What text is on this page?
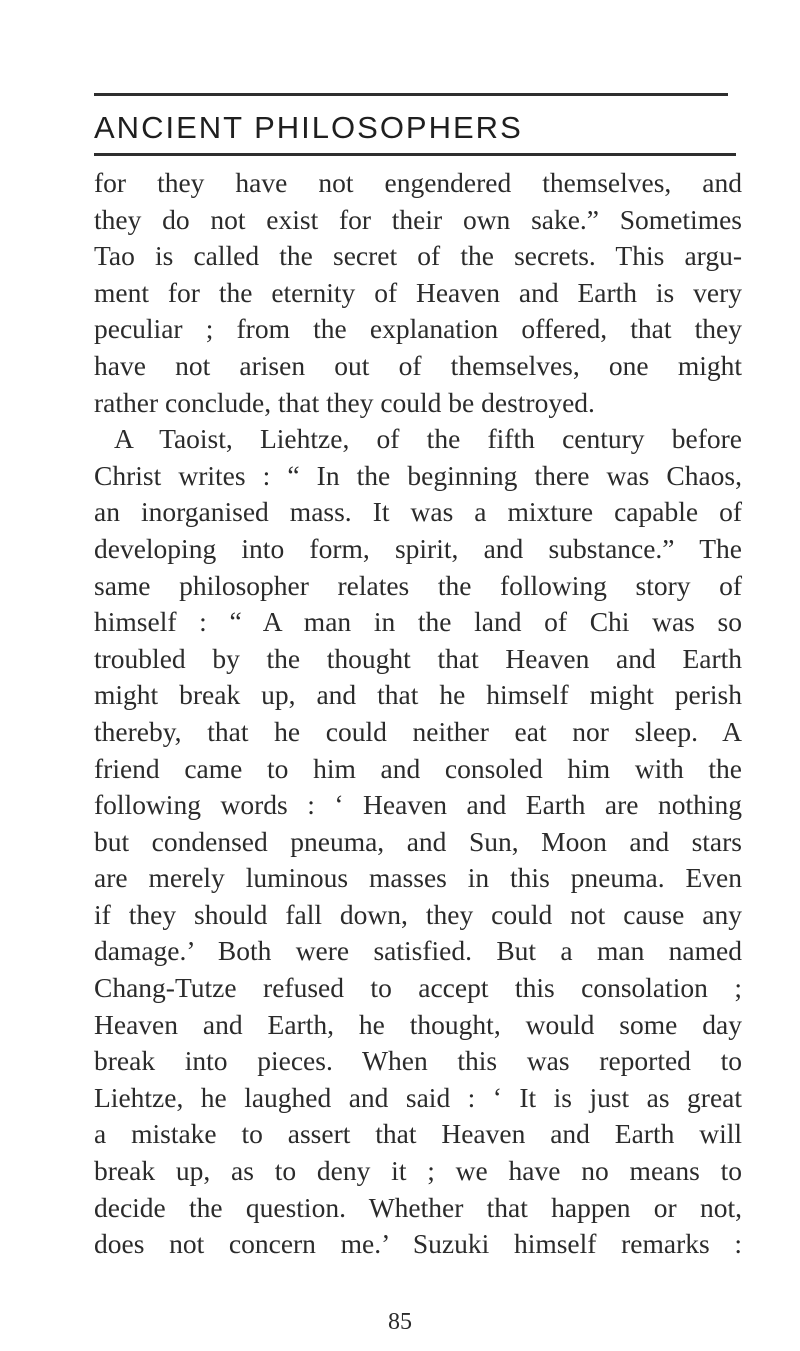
ANCIENT PHILOSOPHERS
for they have not engendered themselves, and
they do not exist for their own sake.” Sometimes
Tao is called the secret of the secrets. This argu-
ment for the eternity of Heaven and Earth is very
peculiar ; from the explanation offered, that they
have not arisen out of themselves, one might
rather conclude, that they could be destroyed.
A Taoist, Liehtze, of the fifth century before
Christ writes : “ In the beginning there was Chaos,
an inorganised mass. It was a mixture capable of
developing into form, spirit, and substance.” The
same philosopher relates the following story of
himself : “ A man in the land of Chi was so
troubled by the thought that Heaven and Earth
might break up, and that he himself might perish
thereby, that he could neither eat nor sleep. A
friend came to him and consoled him with the
following words : ‘ Heaven and Earth are nothing
but condensed pneuma, and Sun, Moon and stars
are merely luminous masses in this pneuma. Even
if they should fall down, they could not cause any
damage.’ Both were satisfied. But a man named
Chang-Tutze refused to accept this consolation ;
Heaven and Earth, he thought, would some day
break into pieces. When this was reported to
Liehtze, he laughed and said : ‘ It is just as great
a mistake to assert that Heaven and Earth will
break up, as to deny it ; we have no means to
decide the question. Whether that happen or not,
does not concern me.’ Suzuki himself remarks :
85
